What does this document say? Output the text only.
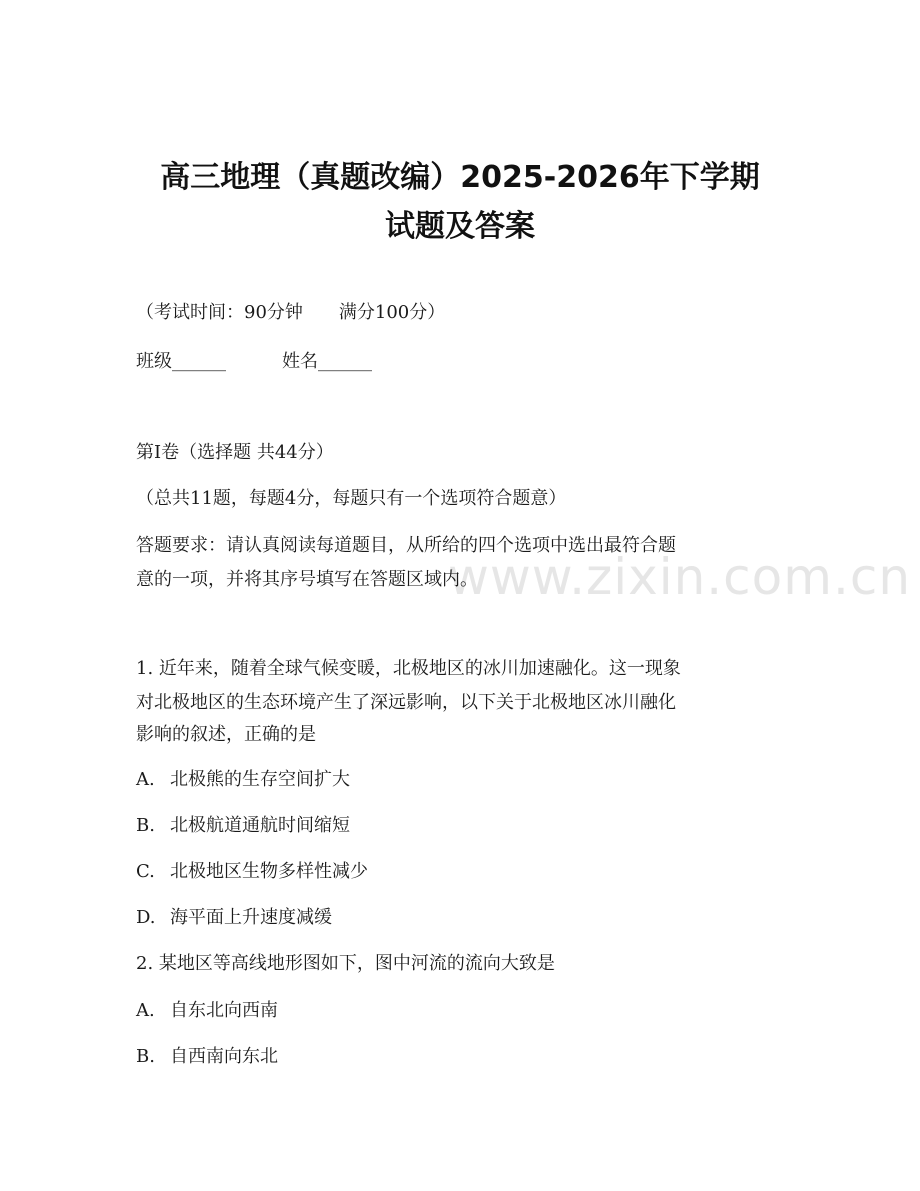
www.zixin.com.cn
高三地理（真题改编）2025-2026年下学期
试题及答案
（考试时间：90分钟　　满分100分）
班级______	姓名______
第I卷（选择题 共44分）
（总共11题，每题4分，每题只有一个选项符合题意）
答题要求：请认真阅读每道题目，从所给的四个选项中选出最符合题
意的一项，并将其序号填写在答题区域内。
1. 近年来，随着全球气候变暖，北极地区的冰川加速融化。这一现象
对北极地区的生态环境产生了深远影响，以下关于北极地区冰川融化
影响的叙述，正确的是
A. 北极熊的生存空间扩大
B. 北极航道通航时间缩短
C. 北极地区生物多样性减少
D. 海平面上升速度减缓
2. 某地区等高线地形图如下，图中河流的流向大致是
A. 自东北向西南
B. 自西南向东北
